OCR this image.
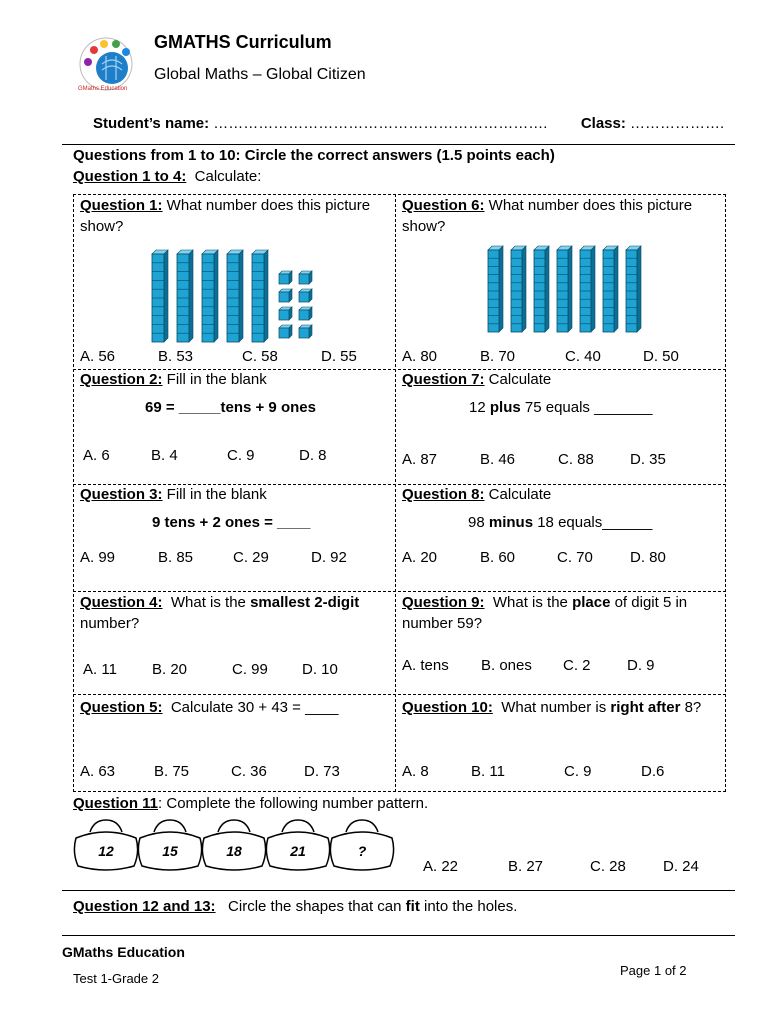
GMaths Education
GMATHS Curriculum
Global Maths – Global Citizen
Student’s name: …………………………………………………………. Class: ……………….
Questions from 1 to 10: Circle the correct answers (1.5 points each)
Question 1 to 4:  Calculate:
Question 1: What number does this picture show?
A. 56	B. 53	C. 58	D. 55
Question 6: What number does this picture show?
A. 80	B. 70	C. 40	D. 50
Question 2: Fill in the blank
69 = _____tens + 9 ones
A. 6	B. 4	C. 9	D. 8
Question 7: Calculate
12 plus 75 equals _______
A. 87	B. 46	C. 88 D. 35
Question 3: Fill in the blank
9 tens + 2 ones = ____
A. 99	B. 85	C. 29	D. 92
Question 8: Calculate
98 minus 18 equals______
A. 20	B. 60	C. 70 D. 80
Question 4:  What is the smallest 2-digit number?
A. 11 B. 20	C. 99 D. 10
Question 9:  What is the place of digit 5 in number 59?
A. tens B. ones C. 2 D. 9
Question 5:  Calculate 30 + 43 = ____
A. 63	B. 75	C. 36 D. 73
Question 10:  What number is right after 8?
A. 8	B. 11	C. 9	D.6
Question 11: Complete the following number pattern.
12	15	18	21	?
A. 22	B. 27	C. 28 D. 24
Question 12 and 13:   Circle the shapes that can fit into the holes.
GMaths Education
Test 1-Grade 2
Page 1 of 2
